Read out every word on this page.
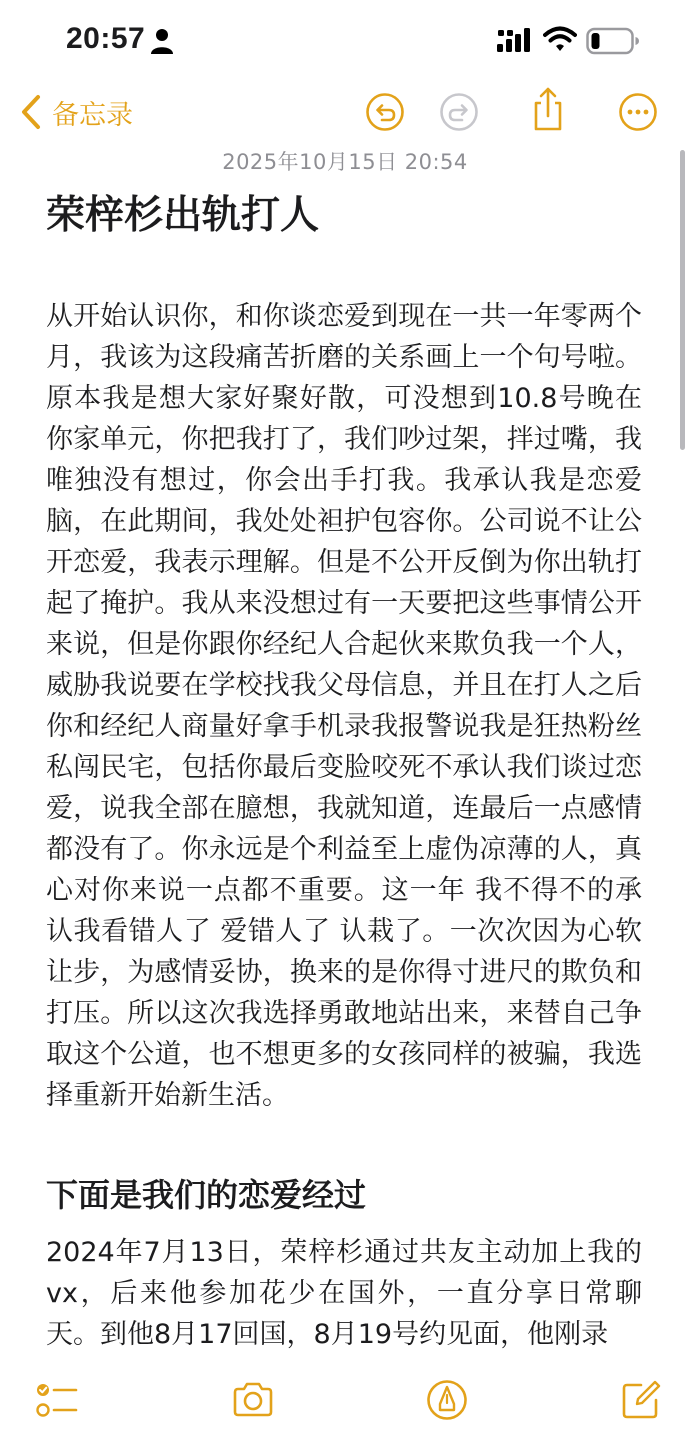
20:57
备忘录
2025年10月15日 20:54
荣梓杉出轨打人

从开始认识你，和你谈恋爱到现在一共一年零两个月，我该为这段痛苦折磨的关系画上一个句号啦。原本我是想大家好聚好散，可没想到10.8号晚在你家单元，你把我打了，我们吵过架，拌过嘴，我唯独没有想过，你会出手打我。我承认我是恋爱脑，在此期间，我处处袒护包容你。公司说不让公开恋爱，我表示理解。但是不公开反倒为你出轨打起了掩护。我从来没想过有一天要把这些事情公开来说，但是你跟你经纪人合起伙来欺负我一个人，威胁我说要在学校找我父母信息，并且在打人之后你和经纪人商量好拿手机录我报警说我是狂热粉丝 私闯民宅，包括你最后变脸咬死不承认我们谈过恋爱，说我全部在臆想，我就知道，连最后一点感情都没有了。你永远是个利益至上虚伪凉薄的人，真心对你来说一点都不重要。这一年 我不得不的承认我看错人了 爱错人了 认栽了。一次次因为心软让步，为感情妥协，换来的是你得寸进尺的欺负和打压。所以这次我选择勇敢地站出来，来替自己争取这个公道，也不想更多的女孩同样的被骗，我选择重新开始新生活。

下面是我们的恋爱经过

2024年7月13日，荣梓杉通过共友主动加上我的vx，后来他参加花少在国外，一直分享日常聊天。到他8月17回国，8月19号约见面，他刚录
